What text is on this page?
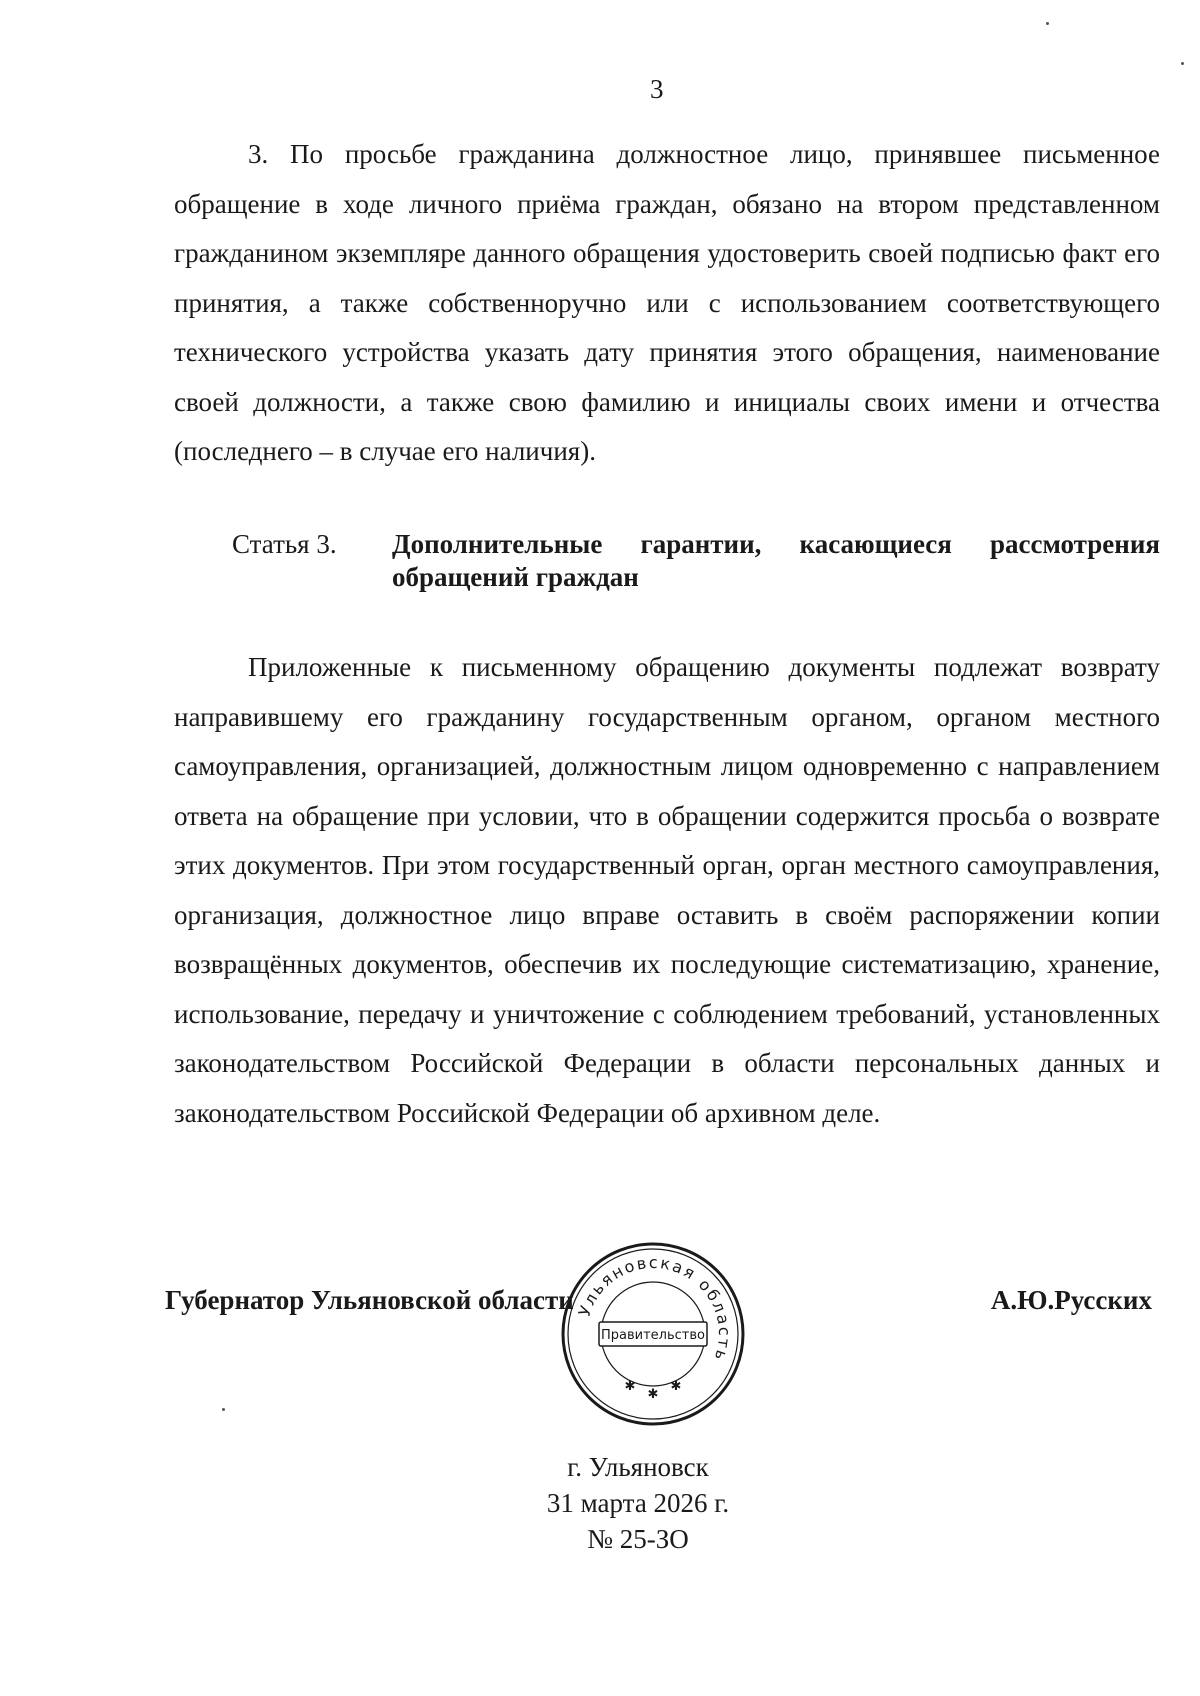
3

3. По просьбе гражданина должностное лицо, принявшее письменное обращение в ходе личного приёма граждан, обязано на втором представленном гражданином экземпляре данного обращения удостоверить своей подписью факт его принятия, а также собственноручно или с использованием соответствующего технического устройства указать дату принятия этого обращения, наименование своей должности, а также свою фамилию и инициалы своих имени и отчества (последнего – в случае его наличия).

Статья 3. Дополнительные гарантии, касающиеся рассмотрения обращений граждан

Приложенные к письменному обращению документы подлежат возврату направившему его гражданину государственным органом, органом местного самоуправления, организацией, должностным лицом одновременно с направлением ответа на обращение при условии, что в обращении содержится просьба о возврате этих документов. При этом государственный орган, орган местного самоуправления, организация, должностное лицо вправе оставить в своём распоряжении копии возвращённых документов, обеспечив их последующие систематизацию, хранение, использование, передачу и уничтожение с соблюдением требований, установленных законодательством Российской Федерации в области персональных данных и законодательством Российской Федерации об архивном деле.

Губернатор Ульяновской области Ульяновская область
Правительство
✱
✱
✱
А.Ю.Русских
г. Ульяновск
31 марта 2026 г.
№ 25-ЗО
